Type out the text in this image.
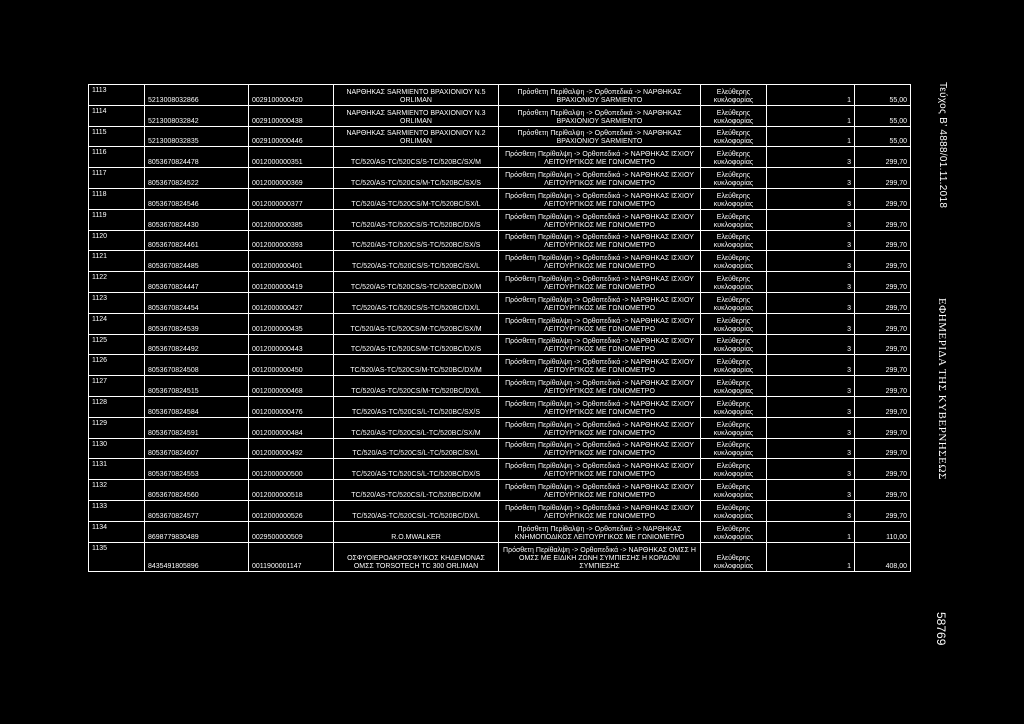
1113	5213008032866	0029100000420	ΝΑΡΘΗΚΑΣ SARMIENTO ΒΡΑΧΙΟΝΙΟΥ Ν.5 ORLIMAN	Πρόσθετη Περίθαλψη -> Ορθοπεδικά -> ΝΑΡΘΗΚΑΣ ΒΡΑΧΙΟΝΙΟΥ SARMIENTO	Ελεύθερης κυκλοφορίας	1	55,00
1114	5213008032842	0029100000438	ΝΑΡΘΗΚΑΣ SARMIENTO ΒΡΑΧΙΟΝΙΟΥ Ν.3 ORLIMAN	Πρόσθετη Περίθαλψη -> Ορθοπεδικά -> ΝΑΡΘΗΚΑΣ ΒΡΑΧΙΟΝΙΟΥ SARMIENTO	Ελεύθερης κυκλοφορίας	1	55,00
1115	5213008032835	0029100000446	ΝΑΡΘΗΚΑΣ SARMIENTO ΒΡΑΧΙΟΝΙΟΥ Ν.2 ORLIMAN	Πρόσθετη Περίθαλψη -> Ορθοπεδικά -> ΝΑΡΘΗΚΑΣ ΒΡΑΧΙΟΝΙΟΥ SARMIENTO	Ελεύθερης κυκλοφορίας	1	55,00
1116	8053670824478	0012000000351	TC/520/AS-TC/520CS/S-TC/520BC/SX/M	Πρόσθετη Περίθαλψη -> Ορθοπεδικά -> ΝΑΡΘΗΚΑΣ ΙΣΧΙΟΥ ΛΕΙΤΟΥΡΓΙΚΟΣ ΜΕ ΓΩΝΙΟΜΕΤΡΟ	Ελεύθερης κυκλοφορίας	3	299,70
1117	8053670824522	0012000000369	TC/520/AS-TC/520CS/M-TC/520BC/SX/S	Πρόσθετη Περίθαλψη -> Ορθοπεδικά -> ΝΑΡΘΗΚΑΣ ΙΣΧΙΟΥ ΛΕΙΤΟΥΡΓΙΚΟΣ ΜΕ ΓΩΝΙΟΜΕΤΡΟ	Ελεύθερης κυκλοφορίας	3	299,70
1118	8053670824546	0012000000377	TC/520/AS-TC/520CS/M-TC/520BC/SX/L	Πρόσθετη Περίθαλψη -> Ορθοπεδικά -> ΝΑΡΘΗΚΑΣ ΙΣΧΙΟΥ ΛΕΙΤΟΥΡΓΙΚΟΣ ΜΕ ΓΩΝΙΟΜΕΤΡΟ	Ελεύθερης κυκλοφορίας	3	299,70
1119	8053670824430	0012000000385	TC/520/AS-TC/520CS/S-TC/520BC/DX/S	Πρόσθετη Περίθαλψη -> Ορθοπεδικά -> ΝΑΡΘΗΚΑΣ ΙΣΧΙΟΥ ΛΕΙΤΟΥΡΓΙΚΟΣ ΜΕ ΓΩΝΙΟΜΕΤΡΟ	Ελεύθερης κυκλοφορίας	3	299,70
1120	8053670824461	0012000000393	TC/520/AS-TC/520CS/S-TC/520BC/SX/S	Πρόσθετη Περίθαλψη -> Ορθοπεδικά -> ΝΑΡΘΗΚΑΣ ΙΣΧΙΟΥ ΛΕΙΤΟΥΡΓΙΚΟΣ ΜΕ ΓΩΝΙΟΜΕΤΡΟ	Ελεύθερης κυκλοφορίας	3	299,70
1121	8053670824485	0012000000401	TC/520/AS-TC/520CS/S-TC/520BC/SX/L	Πρόσθετη Περίθαλψη -> Ορθοπεδικά -> ΝΑΡΘΗΚΑΣ ΙΣΧΙΟΥ ΛΕΙΤΟΥΡΓΙΚΟΣ ΜΕ ΓΩΝΙΟΜΕΤΡΟ	Ελεύθερης κυκλοφορίας	3	299,70
1122	8053670824447	0012000000419	TC/520/AS-TC/520CS/S-TC/520BC/DX/M	Πρόσθετη Περίθαλψη -> Ορθοπεδικά -> ΝΑΡΘΗΚΑΣ ΙΣΧΙΟΥ ΛΕΙΤΟΥΡΓΙΚΟΣ ΜΕ ΓΩΝΙΟΜΕΤΡΟ	Ελεύθερης κυκλοφορίας	3	299,70
1123	8053670824454	0012000000427	TC/520/AS-TC/520CS/S-TC/520BC/DX/L	Πρόσθετη Περίθαλψη -> Ορθοπεδικά -> ΝΑΡΘΗΚΑΣ ΙΣΧΙΟΥ ΛΕΙΤΟΥΡΓΙΚΟΣ ΜΕ ΓΩΝΙΟΜΕΤΡΟ	Ελεύθερης κυκλοφορίας	3	299,70
1124	8053670824539	0012000000435	TC/520/AS-TC/520CS/M-TC/520BC/SX/M	Πρόσθετη Περίθαλψη -> Ορθοπεδικά -> ΝΑΡΘΗΚΑΣ ΙΣΧΙΟΥ ΛΕΙΤΟΥΡΓΙΚΟΣ ΜΕ ΓΩΝΙΟΜΕΤΡΟ	Ελεύθερης κυκλοφορίας	3	299,70
1125	8053670824492	0012000000443	TC/520/AS-TC/520CS/M-TC/520BC/DX/S	Πρόσθετη Περίθαλψη -> Ορθοπεδικά -> ΝΑΡΘΗΚΑΣ ΙΣΧΙΟΥ ΛΕΙΤΟΥΡΓΙΚΟΣ ΜΕ ΓΩΝΙΟΜΕΤΡΟ	Ελεύθερης κυκλοφορίας	3	299,70
1126	8053670824508	0012000000450	TC/520/AS-TC/520CS/M-TC/520BC/DX/M	Πρόσθετη Περίθαλψη -> Ορθοπεδικά -> ΝΑΡΘΗΚΑΣ ΙΣΧΙΟΥ ΛΕΙΤΟΥΡΓΙΚΟΣ ΜΕ ΓΩΝΙΟΜΕΤΡΟ	Ελεύθερης κυκλοφορίας	3	299,70
1127	8053670824515	0012000000468	TC/520/AS-TC/520CS/M-TC/520BC/DX/L	Πρόσθετη Περίθαλψη -> Ορθοπεδικά -> ΝΑΡΘΗΚΑΣ ΙΣΧΙΟΥ ΛΕΙΤΟΥΡΓΙΚΟΣ ΜΕ ΓΩΝΙΟΜΕΤΡΟ	Ελεύθερης κυκλοφορίας	3	299,70
1128	8053670824584	0012000000476	TC/520/AS-TC/520CS/L-TC/520BC/SX/S	Πρόσθετη Περίθαλψη -> Ορθοπεδικά -> ΝΑΡΘΗΚΑΣ ΙΣΧΙΟΥ ΛΕΙΤΟΥΡΓΙΚΟΣ ΜΕ ΓΩΝΙΟΜΕΤΡΟ	Ελεύθερης κυκλοφορίας	3	299,70
1129	8053670824591	0012000000484	TC/520/AS-TC/520CS/L-TC/520BC/SX/M	Πρόσθετη Περίθαλψη -> Ορθοπεδικά -> ΝΑΡΘΗΚΑΣ ΙΣΧΙΟΥ ΛΕΙΤΟΥΡΓΙΚΟΣ ΜΕ ΓΩΝΙΟΜΕΤΡΟ	Ελεύθερης κυκλοφορίας	3	299,70
1130	8053670824607	0012000000492	TC/520/AS-TC/520CS/L-TC/520BC/SX/L	Πρόσθετη Περίθαλψη -> Ορθοπεδικά -> ΝΑΡΘΗΚΑΣ ΙΣΧΙΟΥ ΛΕΙΤΟΥΡΓΙΚΟΣ ΜΕ ΓΩΝΙΟΜΕΤΡΟ	Ελεύθερης κυκλοφορίας	3	299,70
1131	8053670824553	0012000000500	TC/520/AS-TC/520CS/L-TC/520BC/DX/S	Πρόσθετη Περίθαλψη -> Ορθοπεδικά -> ΝΑΡΘΗΚΑΣ ΙΣΧΙΟΥ ΛΕΙΤΟΥΡΓΙΚΟΣ ΜΕ ΓΩΝΙΟΜΕΤΡΟ	Ελεύθερης κυκλοφορίας	3	299,70
1132	8053670824560	0012000000518	TC/520/AS-TC/520CS/L-TC/520BC/DX/M	Πρόσθετη Περίθαλψη -> Ορθοπεδικά -> ΝΑΡΘΗΚΑΣ ΙΣΧΙΟΥ ΛΕΙΤΟΥΡΓΙΚΟΣ ΜΕ ΓΩΝΙΟΜΕΤΡΟ	Ελεύθερης κυκλοφορίας	3	299,70
1133	8053670824577	0012000000526	TC/520/AS-TC/520CS/L-TC/520BC/DX/L	Πρόσθετη Περίθαλψη -> Ορθοπεδικά -> ΝΑΡΘΗΚΑΣ ΙΣΧΙΟΥ ΛΕΙΤΟΥΡΓΙΚΟΣ ΜΕ ΓΩΝΙΟΜΕΤΡΟ	Ελεύθερης κυκλοφορίας	3	299,70
1134	8698779830489	0029500000509	R.O.MWALKER	Πρόσθετη Περίθαλψη -> Ορθοπεδικά -> ΝΑΡΘΗΚΑΣ ΚΝΗΜΟΠΟΔΙΚΟΣ ΛΕΙΤΟΥΡΓΙΚΟΣ ΜΕ ΓΩΝΙΟΜΕΤΡΟ	Ελεύθερης κυκλοφορίας	1	110,00
1135	8435491805896	0011900001147	ΟΣΦΥΟΙΕΡΟΑΚΡΟΣΦΥΙΚΟΣ ΚΗΔΕΜΟΝΑΣ ΟΜΣΣ TORSOTECH TC 300 ORLIMAN	Πρόσθετη Περίθαλψη -> Ορθοπεδικά -> ΝΑΡΘΗΚΑΣ ΟΜΣΣ Η ΟΜΣΣ ΜΕ ΕΙΔΙΚΗ ΖΩΝΗ ΣΥΜΠΙΕΣΗΣ Η ΚΟΡΔΟΝΙ ΣΥΜΠΙΕΣΗΣ	Ελεύθερης κυκλοφορίας	1	408,00
Τεύχος Β’ 4888/01.11.2018
ΕΦΗΜΕΡΙΔΑ ΤΗΣ ΚΥΒΕΡΝΗΣΕΩΣ
58769
